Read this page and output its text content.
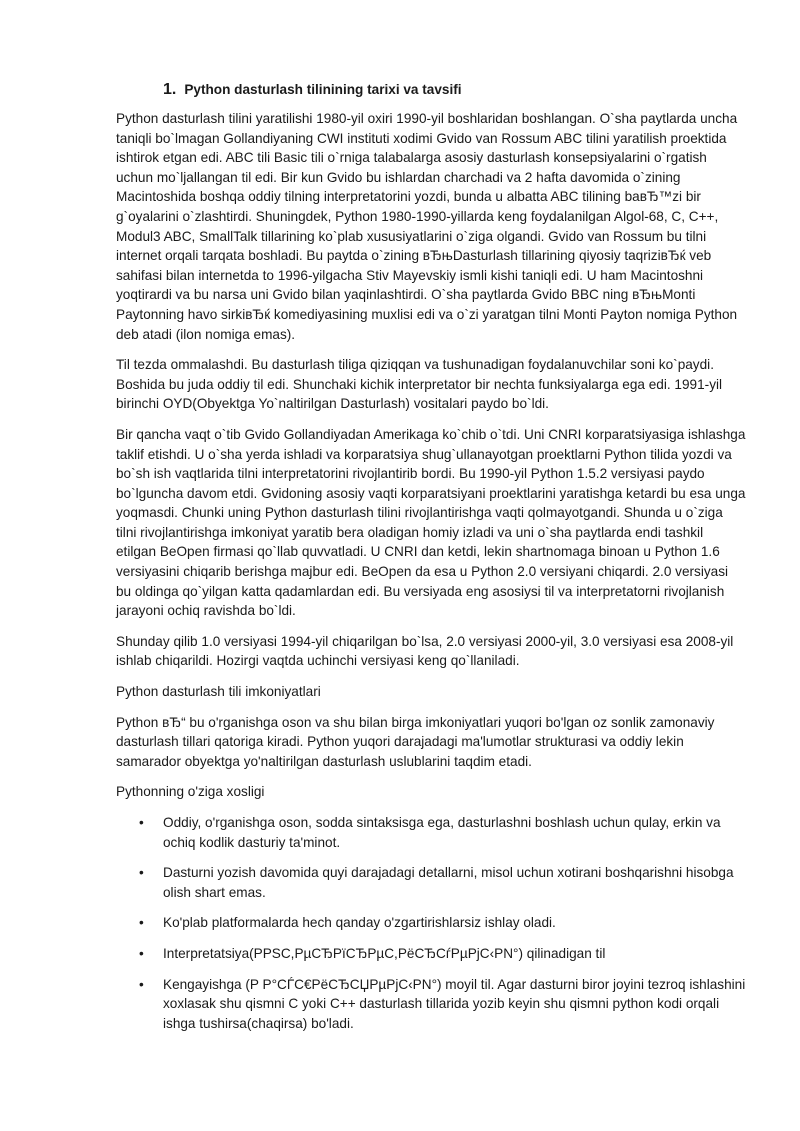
1. Python dasturlash tilinining tarixi va tavsifi

Python dasturlash tilini yaratilishi 1980-yil oxiri 1990-yil boshlaridan boshlangan. O`sha paytlarda uncha taniqli bo`lmagan Gollandiyaning CWI instituti xodimi Gvido van Rossum ABC tilini yaratilish proektida ishtirok etgan edi. ABC tili Basic tili o`rniga talabalarga asosiy dasturlash konsepsiyalarini o`rgatish uchun mo`ljallangan til edi. Bir kun Gvido bu ishlardan charchadi va 2 hafta davomida o`zining Macintoshida boshqa oddiy tilning interpretatorini yozdi, bunda u albatta ABC tilining baвЂ™zi bir g`oyalarini o`zlashtirdi. Shuningdek, Python 1980-1990-yillarda keng foydalanilgan Algol-68, C, C++, Modul3 ABC, SmallTalk tillarining ko`plab xususiyatlarini o`ziga olgandi. Gvido van Rossum bu tilni internet orqali tarqata boshladi. Bu paytda o`zining вЂњDasturlash tillarining qiyosiy taqriziвЂќ veb sahifasi bilan internetda to 1996-yilgacha Stiv Mayevskiy ismli kishi taniqli edi. U ham Macintoshni yoqtirardi va bu narsa uni Gvido bilan yaqinlashtirdi. O`sha paytlarda Gvido BBC ning вЂњMonti Paytonning havo sirkiвЂќ komediyasining muxlisi edi va o`zi yaratgan tilni Monti Payton nomiga Python deb atadi (ilon nomiga emas).

Til tezda ommalashdi. Bu dasturlash tiliga qiziqqan va tushunadigan foydalanuvchilar soni ko`paydi. Boshida bu juda oddiy til edi. Shunchaki kichik interpretator bir nechta funksiyalarga ega edi. 1991-yil birinchi OYD(Obyektga Yo`naltirilgan Dasturlash) vositalari paydo bo`ldi.

Bir qancha vaqt o`tib Gvido Gollandiyadan Amerikaga ko`chib o`tdi. Uni CNRI korparatsiyasiga ishlashga taklif etishdi. U o`sha yerda ishladi va korparatsiya shug`ullanayotgan proektlarni Python tilida yozdi va bo`sh ish vaqtlarida tilni interpretatorini rivojlantirib bordi. Bu 1990-yil Python 1.5.2 versiyasi paydo bo`lguncha davom etdi. Gvidoning asosiy vaqti korparatsiyani proektlarini yaratishga ketardi bu esa unga yoqmasdi. Chunki uning Python dasturlash tilini rivojlantirishga vaqti qolmayotgandi. Shunda u o`ziga tilni rivojlantirishga imkoniyat yaratib bera oladigan homiy izladi va uni o`sha paytlarda endi tashkil etilgan BeOpen firmasi qo`llab quvvatladi. U CNRI dan ketdi, lekin shartnomaga binoan u Python 1.6 versiyasini chiqarib berishga majbur edi. BeOpen da esa u Python 2.0 versiyani chiqardi. 2.0 versiyasi bu oldinga qo`yilgan katta qadamlardan edi. Bu versiyada eng asosiysi til va interpretatorni rivojlanish jarayoni ochiq ravishda bo`ldi.

Shunday qilib 1.0 versiyasi 1994-yil chiqarilgan bo`lsa, 2.0 versiyasi 2000-yil, 3.0 versiyasi esa 2008-yil ishlab chiqarildi. Hozirgi vaqtda uchinchi versiyasi keng qo`llaniladi.

Python dasturlash tili imkoniyatlari

Python вЂ“ bu o'rganishga oson va shu bilan birga imkoniyatlari yuqori bo'lgan oz sonlik zamonaviy dasturlash tillari qatoriga kiradi. Python yuqori darajadagi ma'lumotlar strukturasi va oddiy lekin samarador obyektga yo'naltirilgan dasturlash uslublarini taqdim etadi.

Pythonning o'ziga xosligi

• Oddiy, o'rganishga oson, sodda sintaksisga ega, dasturlashni boshlash uchun qulay, erkin va ochiq kodlik dasturiy ta'minot.
• Dasturni yozish davomida quyi darajadagi detallarni, misol uchun xotirani boshqarishni hisobga olish shart emas.
• Ko'plab platformalarda hech qanday o'zgartirishlarsiz ishlay oladi.
• Interpretatsiya(PPSC,PµCЂPїCЂPµC,PёCЂCѓPµPjC‹PN°) qilinadigan til
• Kengayishga (P P°CЃC€PёCЂCЏPµPjC‹PN°) moyil til. Agar dasturni biror joyini tezroq ishlashini xoxlasak shu qismni C yoki C++ dasturlash tillarida yozib keyin shu qismni python kodi orqali ishga tushirsa(chaqirsa) bo'ladi.
